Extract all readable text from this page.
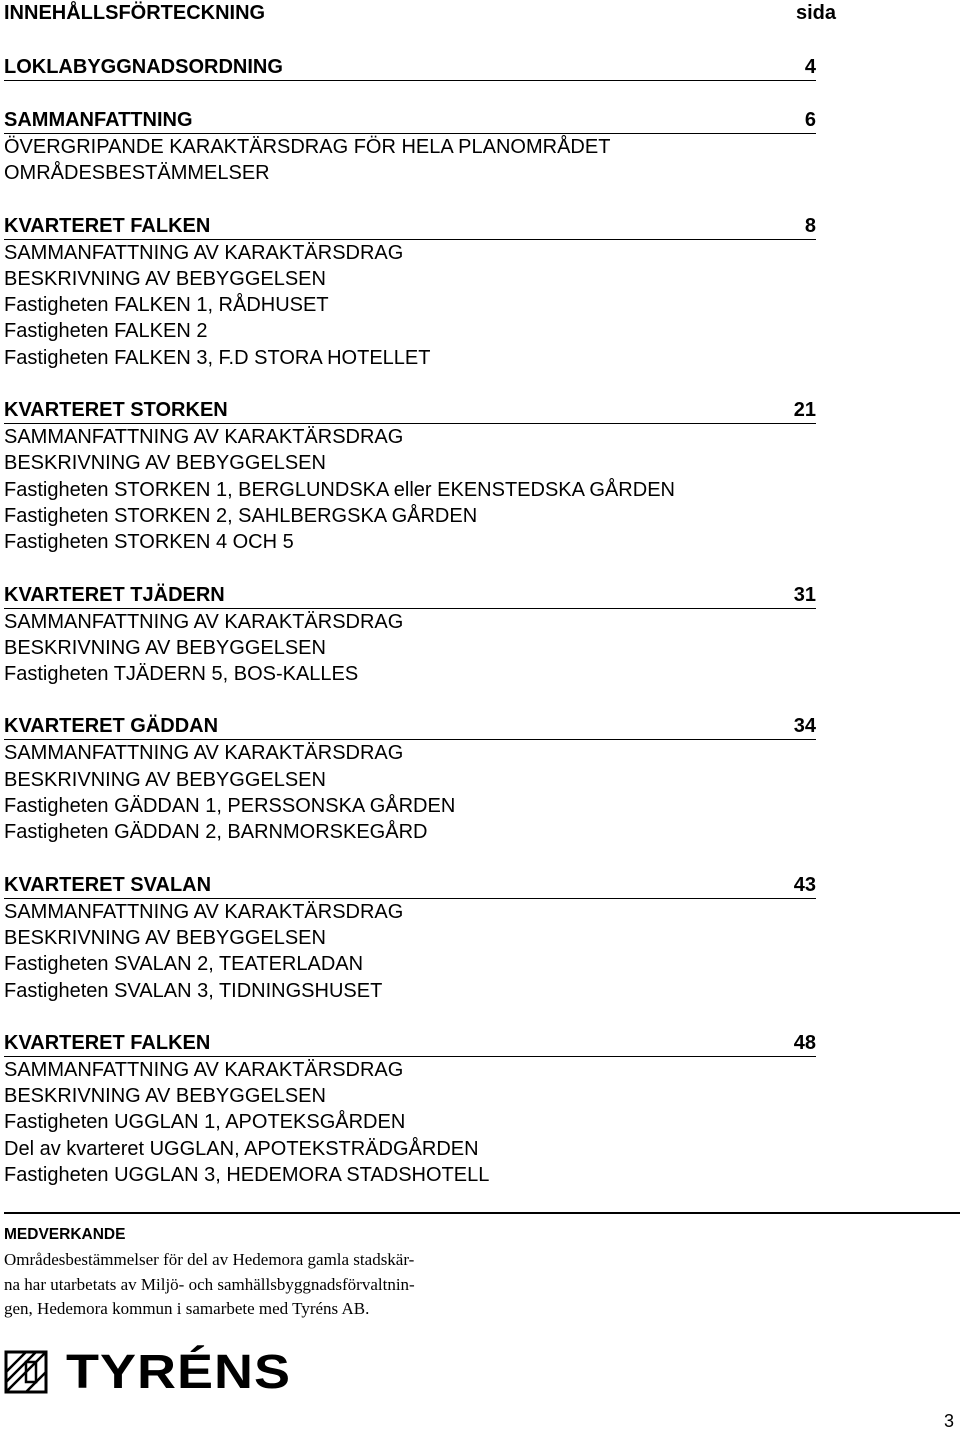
INNEHÅLLSFÖRTECKNING	sida
LOKLABYGGNADSORDNING	4
SAMMANFATTNING	6
ÖVERGRIPANDE KARAKTÄRSDRAG FÖR HELA PLANOMRÅDET
OMRÅDESBESTÄMMELSER
KVARTERET FALKEN	8
SAMMANFATTNING AV KARAKTÄRSDRAG
BESKRIVNING AV BEBYGGELSEN
Fastigheten FALKEN 1, RÅDHUSET
Fastigheten FALKEN 2
Fastigheten FALKEN 3, F.D STORA HOTELLET
KVARTERET STORKEN	21
SAMMANFATTNING AV KARAKTÄRSDRAG
BESKRIVNING AV BEBYGGELSEN
Fastigheten STORKEN 1, BERGLUNDSKA eller EKENSTEDSKA GÅRDEN
Fastigheten STORKEN 2, SAHLBERGSKA GÅRDEN
Fastigheten STORKEN 4 OCH 5
KVARTERET TJÄDERN	31
SAMMANFATTNING AV KARAKTÄRSDRAG
BESKRIVNING AV BEBYGGELSEN
Fastigheten TJÄDERN 5, BOS-KALLES
KVARTERET GÄDDAN	34
SAMMANFATTNING AV KARAKTÄRSDRAG
BESKRIVNING AV BEBYGGELSEN
Fastigheten GÄDDAN 1, PERSSONSKA GÅRDEN
Fastigheten GÄDDAN 2, BARNMORSKEGÅRD
KVARTERET SVALAN	43
SAMMANFATTNING AV KARAKTÄRSDRAG
BESKRIVNING AV BEBYGGELSEN
Fastigheten SVALAN 2, TEATERLADAN
Fastigheten SVALAN 3, TIDNINGSHUSET
KVARTERET FALKEN	48
SAMMANFATTNING AV KARAKTÄRSDRAG
BESKRIVNING AV BEBYGGELSEN
Fastigheten UGGLAN 1, APOTEKSGÅRDEN
Del av kvarteret UGGLAN, APOTEKSTRÄDGÅRDEN
Fastigheten UGGLAN 3, HEDEMORA STADSHOTELL
MEDVERKANDE
Områdesbestämmelser för del av Hedemora gamla stadskär-
na har utarbetats av Miljö- och samhällsbyggnadsförvaltnin-
gen, Hedemora kommun i samarbete med Tyréns AB.
TYRÉNS
3
